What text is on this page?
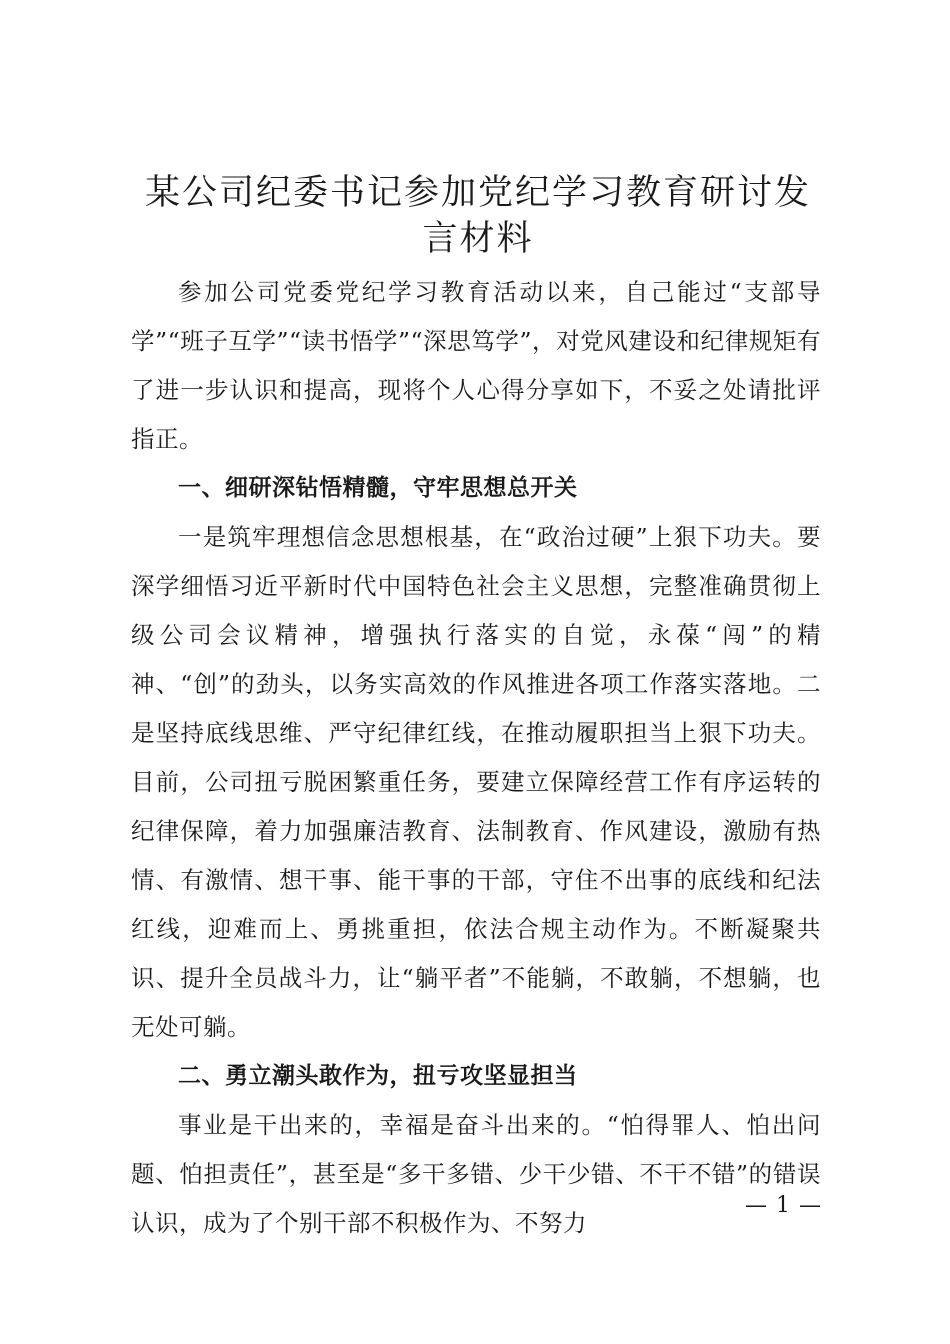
某公司纪委书记参加党纪学习教育研讨发言材料

参加公司党委党纪学习教育活动以来，自己能过“支部导学”“班子互学”“读书悟学”“深思笃学”，对党风建设和纪律规矩有了进一步认识和提高，现将个人心得分享如下，不妥之处请批评指正。

一、细研深钻悟精髓，守牢思想总开关

一是筑牢理想信念思想根基，在“政治过硬”上狠下功夫。要深学细悟习近平新时代中国特色社会主义思想，完整准确贯彻上级公司会议精神，增强执行落实的自觉，永葆“闯”的精神、“创”的劲头，以务实高效的作风推进各项工作落实落地。二是坚持底线思维、严守纪律红线，在推动履职担当上狠下功夫。目前，公司扭亏脱困繁重任务，要建立保障经营工作有序运转的纪律保障，着力加强廉洁教育、法制教育、作风建设，激励有热情、有激情、想干事、能干事的干部，守住不出事的底线和纪法红线，迎难而上、勇挑重担，依法合规主动作为。不断凝聚共识、提升全员战斗力，让“躺平者”不能躺，不敢躺，不想躺，也无处可躺。

二、勇立潮头敢作为，扭亏攻坚显担当

事业是干出来的，幸福是奋斗出来的。“怕得罪人、怕出问题、怕担责任”，甚至是“多干多错、少干少错、不干不错”的错误认识，成为了个别干部不积极作为、不努力

— 1 —
